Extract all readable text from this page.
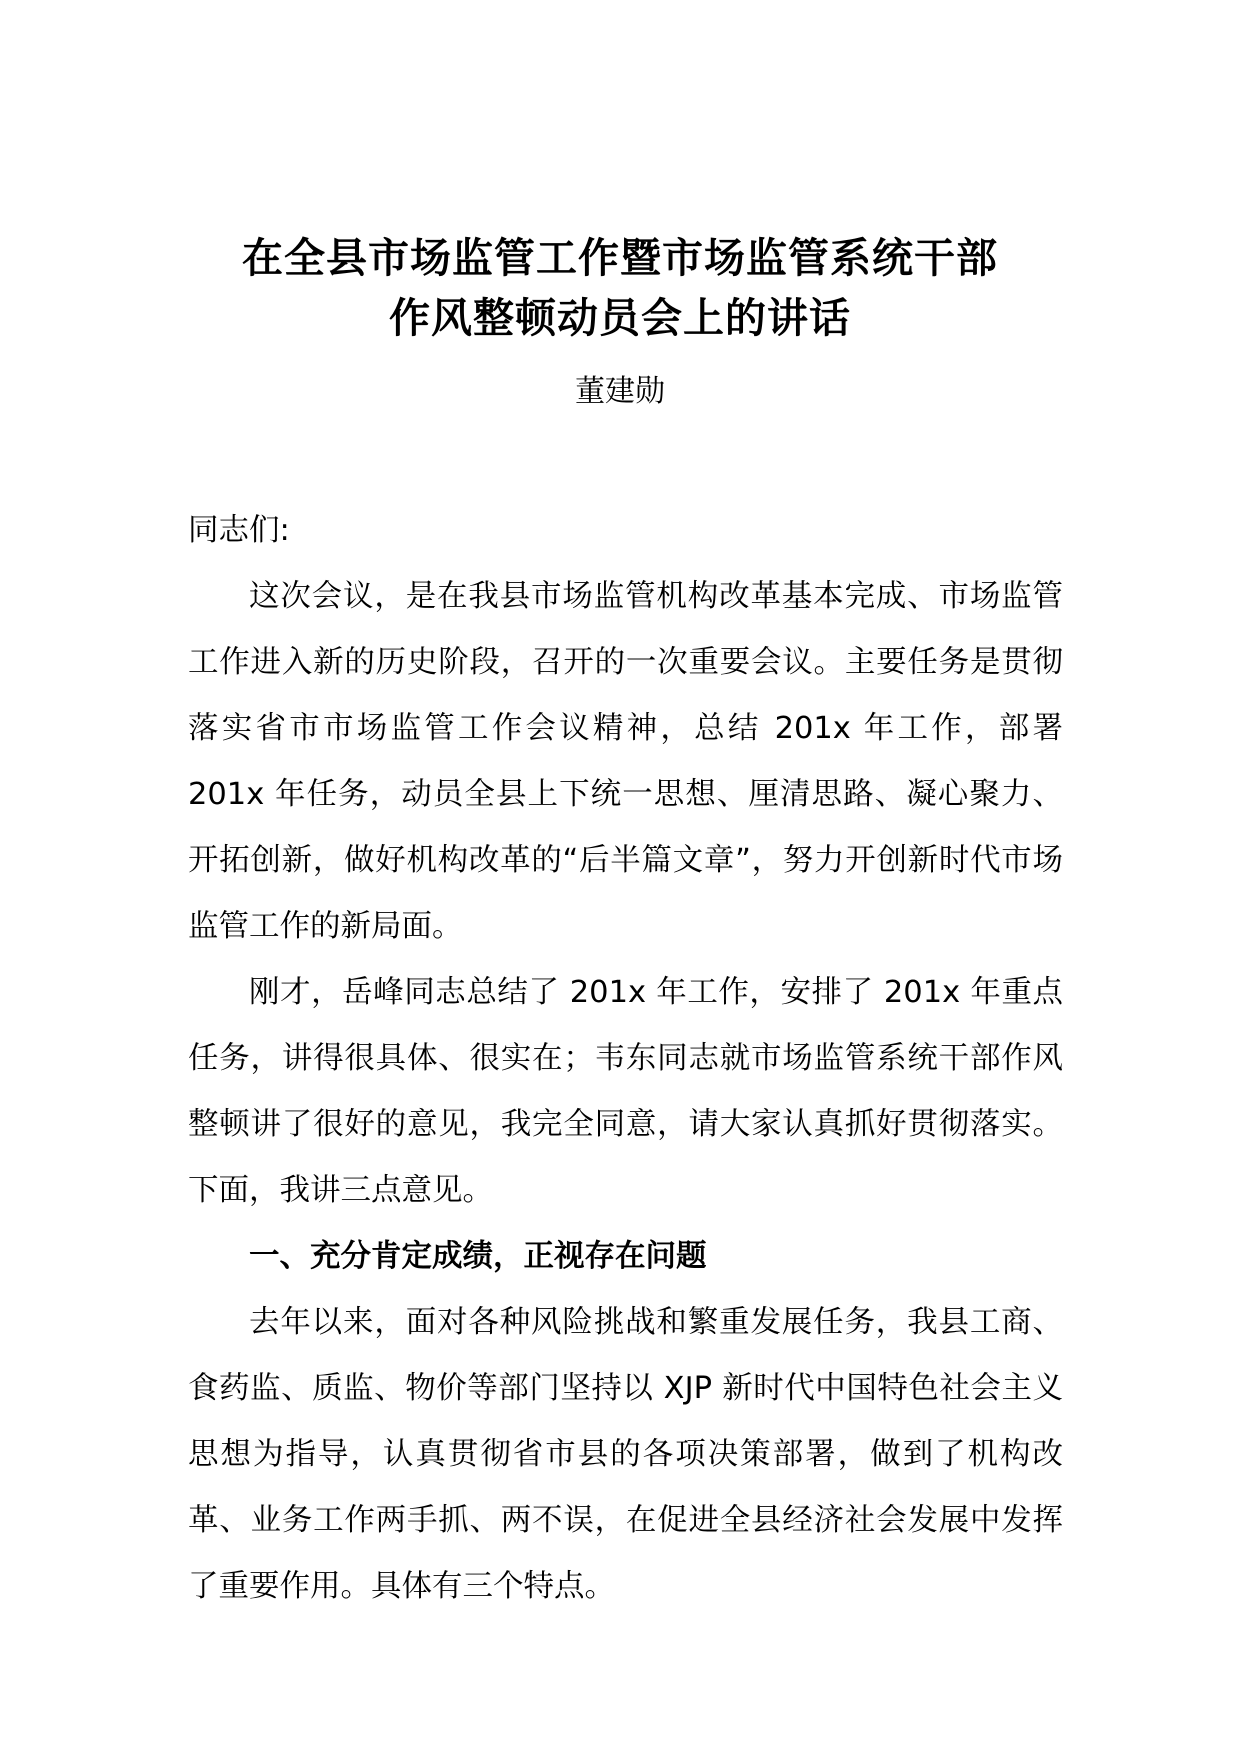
在全县市场监管工作暨市场监管系统干部
作风整顿动员会上的讲话
董建勋

同志们:

这次会议，是在我县市场监管机构改革基本完成、市场监管工作进入新的历史阶段，召开的一次重要会议。主要任务是贯彻落实省市市场监管工作会议精神，总结 201x 年工作，部署 201x 年任务，动员全县上下统一思想、厘清思路、凝心聚力、开拓创新，做好机构改革的“后半篇文章”，努力开创新时代市场监管工作的新局面。

刚才，岳峰同志总结了 201x 年工作，安排了 201x 年重点任务，讲得很具体、很实在；韦东同志就市场监管系统干部作风整顿讲了很好的意见，我完全同意，请大家认真抓好贯彻落实。下面，我讲三点意见。

一、充分肯定成绩，正视存在问题

去年以来，面对各种风险挑战和繁重发展任务，我县工商、食药监、质监、物价等部门坚持以 XJP 新时代中国特色社会主义思想为指导，认真贯彻省市县的各项决策部署，做到了机构改革、业务工作两手抓、两不误，在促进全县经济社会发展中发挥了重要作用。具体有三个特点。
